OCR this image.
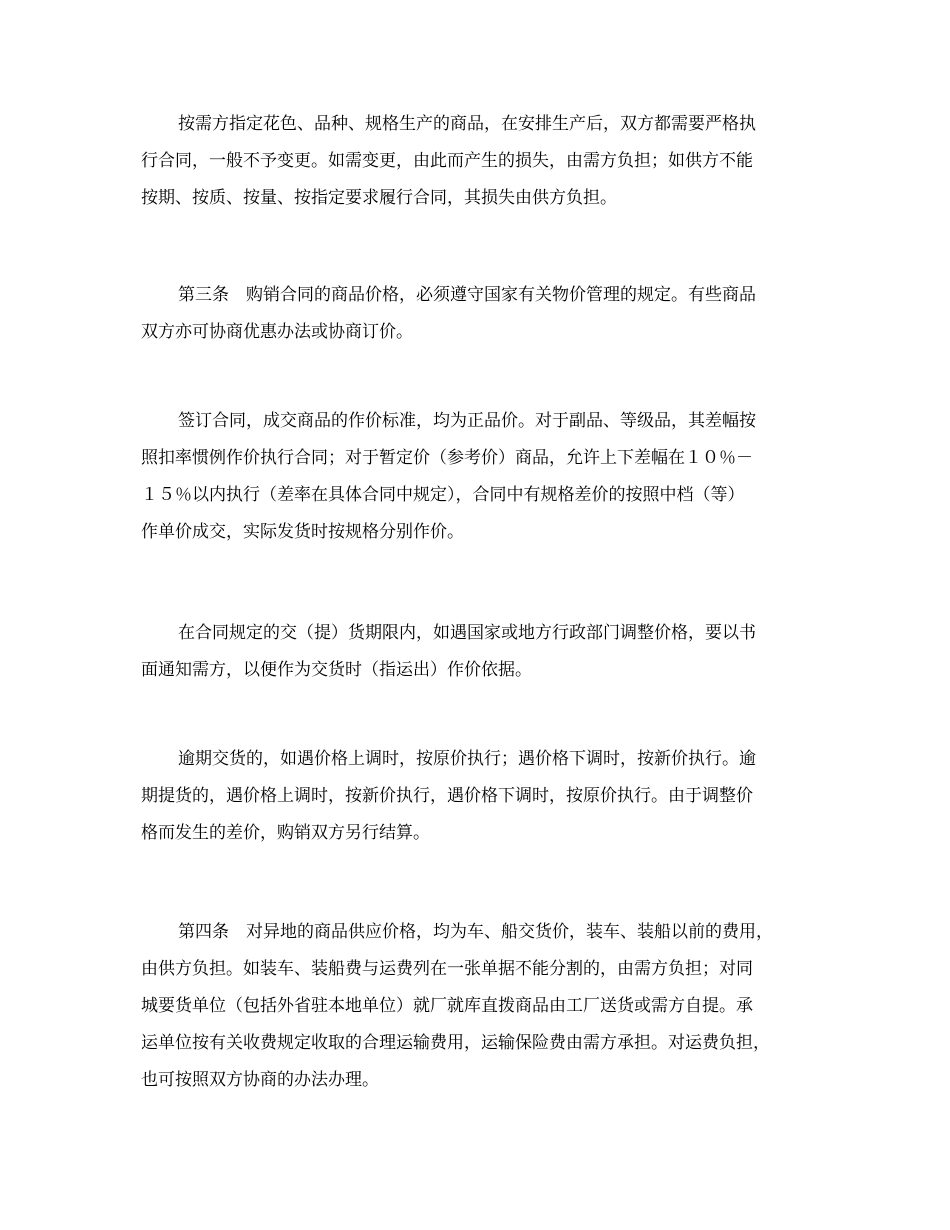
按需方指定花色、品种、规格生产的商品，在安排生产后，双方都需要严格执
行合同，一般不予变更。如需变更，由此而产生的损失，由需方负担；如供方不能
按期、按质、按量、按指定要求履行合同，其损失由供方负担。
第三条　购销合同的商品价格，必须遵守国家有关物价管理的规定。有些商品
双方亦可协商优惠办法或协商订价。
签订合同，成交商品的作价标准，均为正品价。对于副品、等级品，其差幅按
照扣率惯例作价执行合同；对于暂定价（参考价）商品，允许上下差幅在１０％－
１５％以内执行（差率在具体合同中规定），合同中有规格差价的按照中档（等）
作单价成交，实际发货时按规格分别作价。
在合同规定的交（提）货期限内，如遇国家或地方行政部门调整价格，要以书
面通知需方，以便作为交货时（指运出）作价依据。
逾期交货的，如遇价格上调时，按原价执行；遇价格下调时，按新价执行。逾
期提货的，遇价格上调时，按新价执行，遇价格下调时，按原价执行。由于调整价
格而发生的差价，购销双方另行结算。
第四条　对异地的商品供应价格，均为车、船交货价，装车、装船以前的费用，
由供方负担。如装车、装船费与运费列在一张单据不能分割的，由需方负担；对同
城要货单位（包括外省驻本地单位）就厂就库直拨商品由工厂送货或需方自提。承
运单位按有关收费规定收取的合理运输费用，运输保险费由需方承担。对运费负担，
也可按照双方协商的办法办理。
